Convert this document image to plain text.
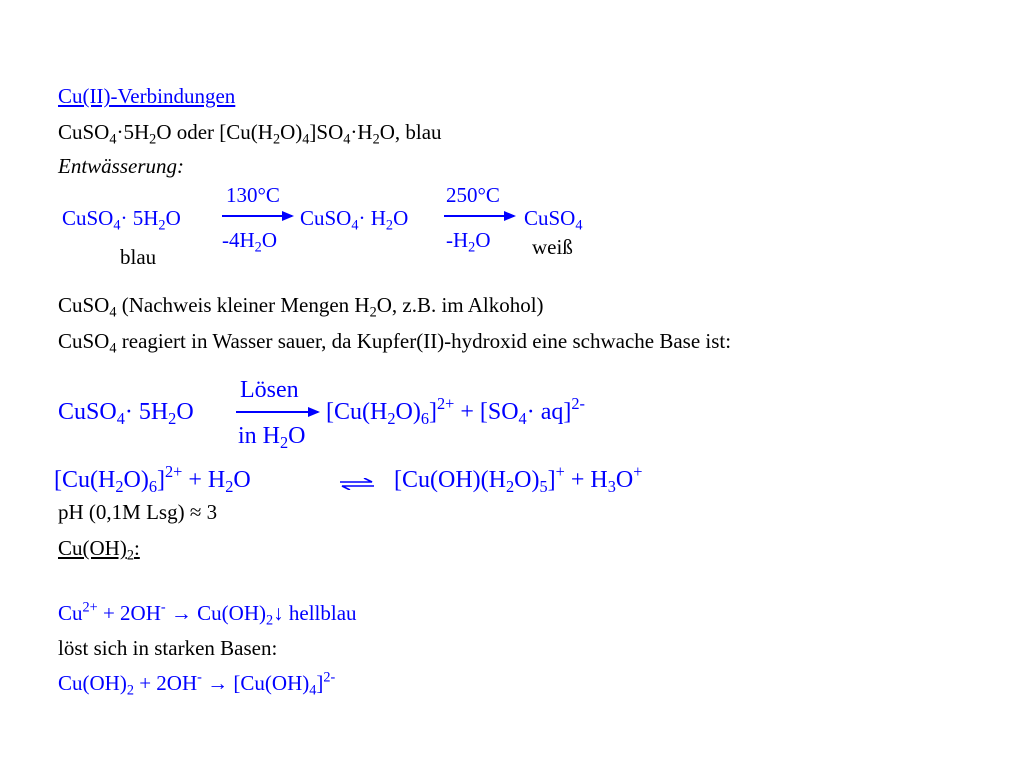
Cu(II)-Verbindungen
$CuSO_4\cdot 5H_2O$ oder $[Cu(H_2O)_4]SO_4\cdot H_2O$, blau
Entwässerung:
CuSO$_4$· $5H_2O$
blau
130°C
$-4H_2O$
CuSO$_4$· $H_2O$
250°C
$-H_2O$
CuSO$_4$
weiß
CuSO$_4$ (Nachweis kleiner Mengen $H_2O$, z.B. im Alkohol)
CuSO$_4$ reagiert in Wasser sauer, da Kupfer(II)-hydroxid eine schwache Base ist:
CuSO$_4$· $5H_2O$
Lösen
in $H_2O$
$[Cu(H_2O)_6]^{2+} + [SO_4\cdot aq]^{2-}$
$[Cu(H_2O)_6]^{2+} + H_2O$	⇌ $[Cu(OH)(H_2O)_5]^+ + H_3O^+$
pH (0,1M Lsg) ≈ 3
$Cu(OH)_2$:
$Cu^{2+} + 2OH^-$ → $Cu(OH)_2↓$ hellblau
löst sich in starken Basen:
$Cu(OH)_2 + 2OH^- \to [Cu(OH)_4]^{2-}$
